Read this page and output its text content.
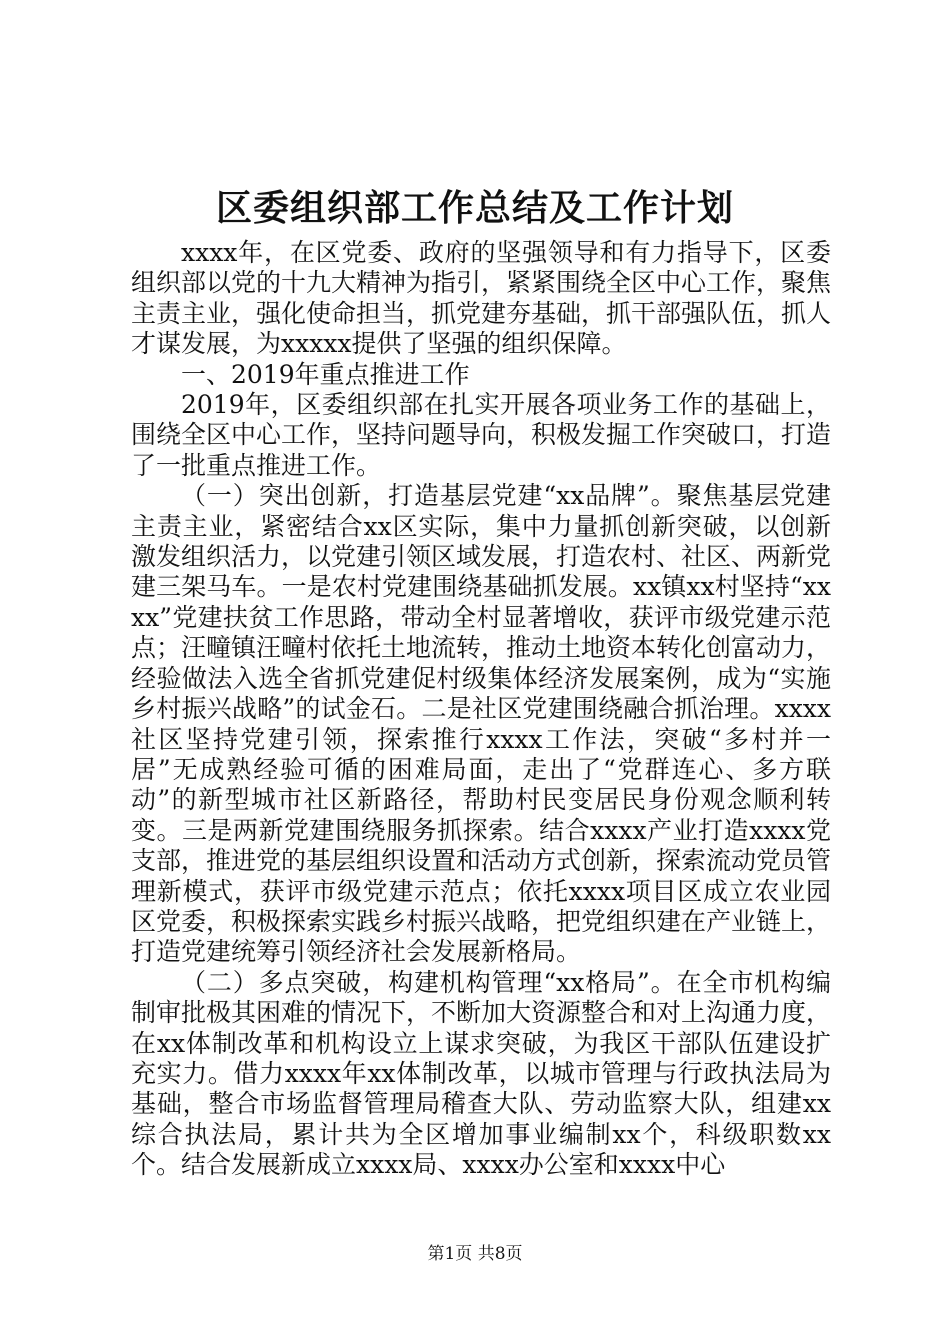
区委组织部工作总结及工作计划

xxxx年，在区党委、政府的坚强领导和有力指导下，区委组织部以党的十九大精神为指引，紧紧围绕全区中心工作，聚焦主责主业，强化使命担当，抓党建夯基础，抓干部强队伍，抓人才谋发展，为xxxxx提供了坚强的组织保障。

一、2019年重点推进工作

2019年，区委组织部在扎实开展各项业务工作的基础上，围绕全区中心工作，坚持问题导向，积极发掘工作突破口，打造了一批重点推进工作。

（一）突出创新，打造基层党建“xx品牌”。聚焦基层党建主责主业，紧密结合xx区实际，集中力量抓创新突破，以创新激发组织活力，以党建引领区域发展，打造农村、社区、两新党建三架马车。一是农村党建围绕基础抓发展。xx镇xx村坚持“xxxx”党建扶贫工作思路，带动全村显著增收，获评市级党建示范点；汪疃镇汪疃村依托土地流转，推动土地资本转化创富动力，经验做法入选全省抓党建促村级集体经济发展案例，成为“实施乡村振兴战略”的试金石。二是社区党建围绕融合抓治理。xxxx社区坚持党建引领，探索推行xxxx工作法，突破“多村并一居”无成熟经验可循的困难局面，走出了“党群连心、多方联动”的新型城市社区新路径，帮助村民变居民身份观念顺利转变。三是两新党建围绕服务抓探索。结合xxxx产业打造xxxx党支部，推进党的基层组织设置和活动方式创新，探索流动党员管理新模式，获评市级党建示范点；依托xxxx项目区成立农业园区党委，积极探索实践乡村振兴战略，把党组织建在产业链上，打造党建统筹引领经济社会发展新格局。

（二）多点突破，构建机构管理“xx格局”。在全市机构编制审批极其困难的情况下，不断加大资源整合和对上沟通力度，在xx体制改革和机构设立上谋求突破，为我区干部队伍建设扩充实力。借力xxxx年xx体制改革，以城市管理与行政执法局为基础，整合市场监督管理局稽查大队、劳动监察大队，组建xx综合执法局，累计共为全区增加事业编制xx个，科级职数xx个。结合发展新成立xxxx局、xxxx办公室和xxxx中心

第1页 共8页
